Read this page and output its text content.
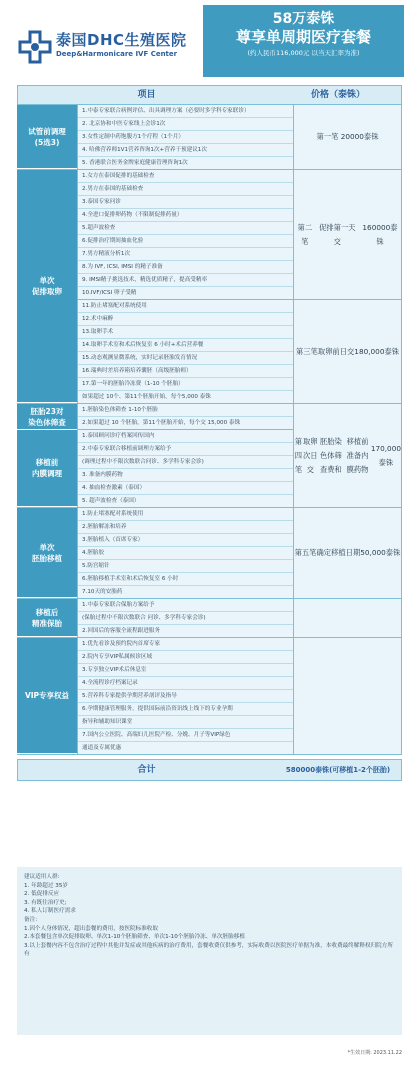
泰国DHC生殖医院
Deep&Harmonicare IVF Center
58万泰铢
尊享单周期医疗套餐
(约人民币116,000元 以当天汇率为准)
项目	价格（泰铢）
试管前调理
(5选3)
1.中泰专家联合病例评估、出具调理方案（必要时多学科专家联诊）
2. 北京协和中医专家线上会诊1次
3.女性定制中药饱腹方1个疗程（1个月）
4. 哈佛营养师1V1营养咨询1次+营养干预建议1次
5. 香港联合医务金牌家庭健康管理咨询1次
第一笔 20000泰铢
单次
促排取卵
1.女方在泰国促排的基础检查
2.男方在泰国的基础检查
3.泰国专家问诊
4.全进口促排卵药物（不限制促排药量）
5.超声波检查
6.促排治疗期间抽血化验
7.男方精液分析1次
8.为 IVF, ICSI, IMSI 的精子准备
9. IMSI精子挑选技术，精选优质精子，提高受精率
10.IVF/ICSI 卵子受精
第二笔
促排第一天交
160000泰铢
11.防止堵塞配对系统使用
12.术中麻醉
13.取卵手术
14.取卵手术室和术后恢复室 6 小时+术后营养餐
15.动态观测显微系统，实时记录胚胎发育情况
16.瑞典时差培养箱培养囊胚（高级胚胎师）
17.第一年的胚胎冷冻费（1-10 个胚胎）
如果超过 10个、第11个胚胎开始，每个5,000 泰铢
第三笔 取卵前日交 180,000泰铢
胚胎23对
染色体筛查
1.胚胎染色体筛查 1-10个胚胎
2.如果超过 10 个胚胎，第11个胚胎开始，每个交 15,000 泰铢
移植前
内膜调理
1.泰国顾问诊疗档案回传国内
2.中泰专家联合移植前调理方案给予
(调理过程中不限次数联合问诊、多学科专家会诊)
3. 准备内膜药物
4. 抽血检查激素（泰国）
5. 超声波检查（泰国）
第四笔
取卵次日交
胚胎染色体筛查费和
移植前准备内膜药物
170,000 泰铢
单次
胚胎移植
1.防止堵塞配对系统使用
2.胚胎解冻和培养
3.胚胎植入（首席专家）
4.胚胎胶
5.防宫缩针
6.胚胎移植手术室和术后恢复室 6 小时
7.10天的安胎药
第五笔 确定移植日期 50,000泰铢
移植后
精准保胎
1.中泰专家联合保胎方案给予
(保胎过程中不限次数联合 问诊、多学科专家会诊)
2.回国后的客服全流程跟进服务
VIP专享权益
1.优先看诊及预约院内首席专家
2.院内专享VIP私属候诊区域
3.专享独立VIP术后休息室
4.全流程诊疗档案记录
5.营养科专家提供孕期营养剖评及指导
6.孕期健康管理服务，提供国际前沿资讯线上线下的专业孕期
指导和辅助知识课堂
7.国内公立医院、高端妇儿医院产检、分娩、月子等VIP绿色
通道及专属优惠
合计	580000泰铢(可移植1-2个胚胎)
建议适用人群:
1. 年龄超过 35岁
2. 低促排反应
3. 有既往治疗史;
4. 私人订制医疗需求
备注：
1.因个人身体情况，超出套餐的费用，按医院标准收取
2.本套餐包含单次促排取卵、单次1-10个胚胎筛查、单次1-10个胚胎冷冻、单次胚胎移植
3.以上套餐内容不包含治疗过程中其他并发症或其他疾病的治疗费用，套餐收费仅供参考，实际收费以医院医疗单据为准，本收费最终解释权归院方所有
*生效日期: 2023.11.22
